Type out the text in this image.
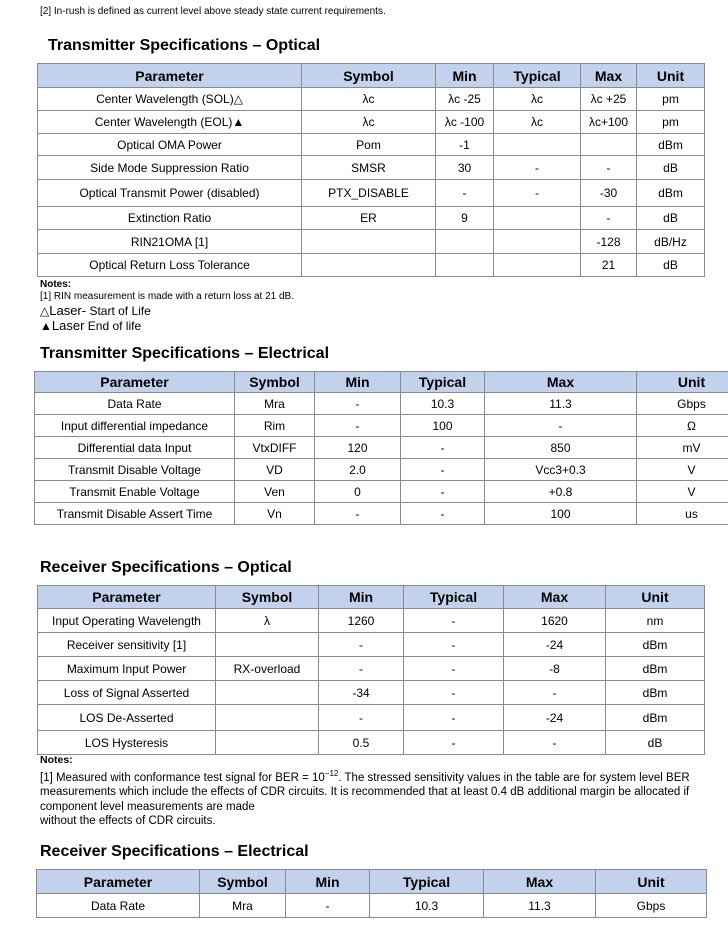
[2] In-rush is defined as current level above steady state current requirements.
Transmitter Specifications – Optical
Parameter	Symbol	Min	Typical	Max	Unit
Center Wavelength (SOL)△	λc	λc -25	λc	λc +25	pm
Center Wavelength (EOL)▲	λc	λc -100	λc	λc+100	pm
Optical OMA Power	Pom	-1			dBm
Side Mode Suppression Ratio	SMSR	30	-	-	dB
Optical Transmit Power (disabled)	PTX_DISABLE	-	-	-30	dBm
Extinction Ratio	ER	9		-	dB
RIN21OMA [1]				-128	dB/Hz
Optical Return Loss Tolerance				21	dB
Notes:
[1] RIN measurement is made with a return loss at 21 dB.
△Laser- Start of Life
▲Laser End of life
Transmitter Specifications – Electrical
Parameter	Symbol	Min	Typical	Max	Unit
Data Rate	Mra	-	10.3	11.3	Gbps
Input differential impedance	Rim	-	100	-	Ω
Differential data Input	VtxDIFF	120	-	850	mV
Transmit Disable Voltage	VD	2.0	-	Vcc3+0.3	V
Transmit Enable Voltage	Ven	0	-	+0.8	V
Transmit Disable Assert Time	Vn	-	-	100	us
Receiver Specifications – Optical
Parameter	Symbol	Min	Typical	Max	Unit
Input Operating Wavelength	λ	1260	-	1620	nm
Receiver sensitivity [1]		-	-	-24	dBm
Maximum Input Power	RX-overload	-	-	-8	dBm
Loss of Signal Asserted		-34	-	-	dBm
LOS De-Asserted		-	-	-24	dBm
LOS Hysteresis		0.5	-	-	dB
Notes:
[1] Measured with conformance test signal for BER = $10^{-12}$. The stressed sensitivity values in the table are for system level BER measurements which include the effects of CDR circuits. It is recommended that at least 0.4 dB additional margin be allocated if component level measurements are made
without the effects of CDR circuits.
Receiver Specifications – Electrical
Parameter	Symbol	Min	Typical	Max	Unit
Data Rate	Mra	-	10.3	11.3	Gbps
